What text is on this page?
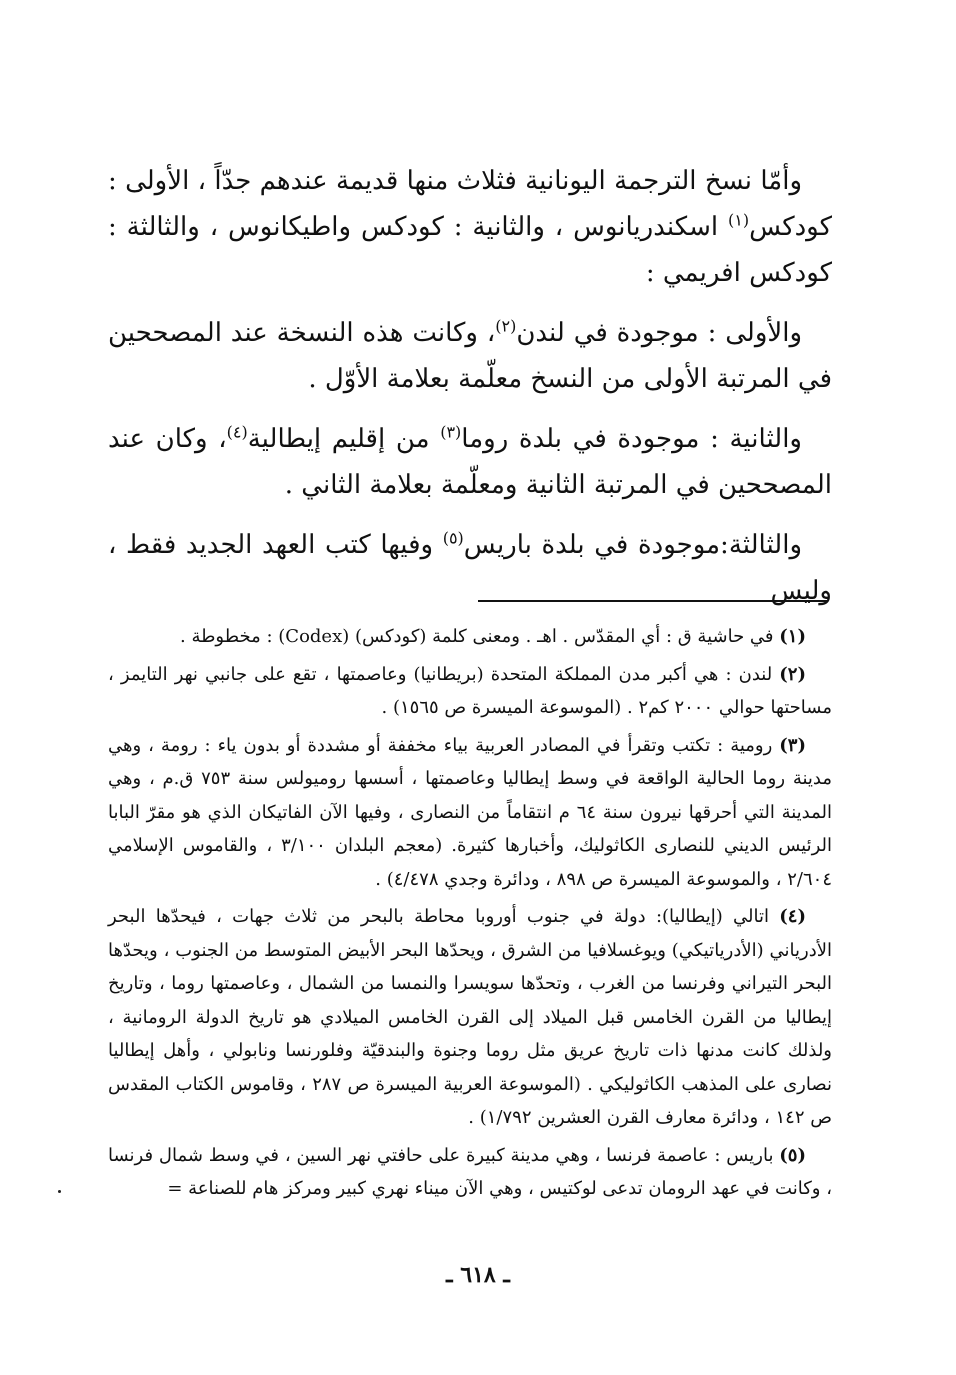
وأمّا نسخ الترجمة اليونانية فثلاث منها قديمة عندهم جدّاً ، الأولى : كودكس$^{(١)}$ اسكندريانوس ، والثانية : كودكس واطيكانوس ، والثالثة : كودكس افريمي :

والأولى : موجودة في لندن$^{(٢)}$، وكانت هذه النسخة عند المصححين في المرتبة الأولى من النسخ معلّمة بعلامة الأوّل .

والثانية : موجودة في بلدة روما$^{(٣)}$ من إقليم إيطالية$^{(٤)}$، وكان عند المصححين في المرتبة الثانية ومعلّمة بعلامة الثاني .

والثالثة:موجودة في بلدة باريس$^{(٥)}$ وفيها كتب العهد الجديد فقط ، وليس

(١) في حاشية ق : أي المقدّس . اهـ . ومعنى كلمة (كودكس) (Codex) : مخطوطة .

(٢) لندن : هي أكبر مدن المملكة المتحدة (بريطانيا) وعاصمتها ، تقع على جانبي نهر التايمز ، مساحتها حوالي ٢٠٠٠ كم٢ . (الموسوعة الميسرة ص ١٥٦٥) .

(٣) رومية : تكتب وتقرأ في المصادر العربية بياء مخففة أو مشددة أو بدون ياء : رومة ، وهي مدينة روما الحالية الواقعة في وسط إيطاليا وعاصمتها ، أسسها روميولس سنة ٧٥٣ ق.م ، وهي المدينة التي أحرقها نيرون سنة ٦٤ م انتقاماً من النصارى ، وفيها الآن الفاتيكان الذي هو مقرّ البابا الرئيس الديني للنصارى الكاثوليك، وأخبارها كثيرة. (معجم البلدان ٣/١٠٠ ، والقاموس الإسلامي ٢/٦٠٤ ، والموسوعة الميسرة ص ٨٩٨ ، ودائرة وجدي ٤/٤٧٨) .

(٤) اتالي (إيطاليا): دولة في جنوب أوروبا محاطة بالبحر من ثلاث جهات ، فيحدّها البحر الأدرياني (الأدرياتيكي) ويوغسلافيا من الشرق ، ويحدّها البحر الأبيض المتوسط من الجنوب ، ويحدّها البحر التيراني وفرنسا من الغرب ، وتحدّها سويسرا والنمسا من الشمال ، وعاصمتها روما ، وتاريخ إيطاليا من القرن الخامس قبل الميلاد إلى القرن الخامس الميلادي هو تاريخ الدولة الرومانية ، ولذلك كانت مدنها ذات تاريخ عريق مثل روما وجنوة والبندقيّة وفلورنسا ونابولي ، وأهل إيطاليا نصارى على المذهب الكاثوليكي . (الموسوعة العربية الميسرة ص ٢٨٧ ، وقاموس الكتاب المقدس ص ١٤٢ ، ودائرة معارف القرن العشرين ١/٧٩٢) .

(٥) باريس : عاصمة فرنسا ، وهي مدينة كبيرة على حافتي نهر السين ، في وسط شمال فرنسا ، وكانت في عهد الرومان تدعى لوكتيس ، وهي الآن ميناء نهري كبير ومركز هام للصناعة =

ـ ٦١٨ ـ
